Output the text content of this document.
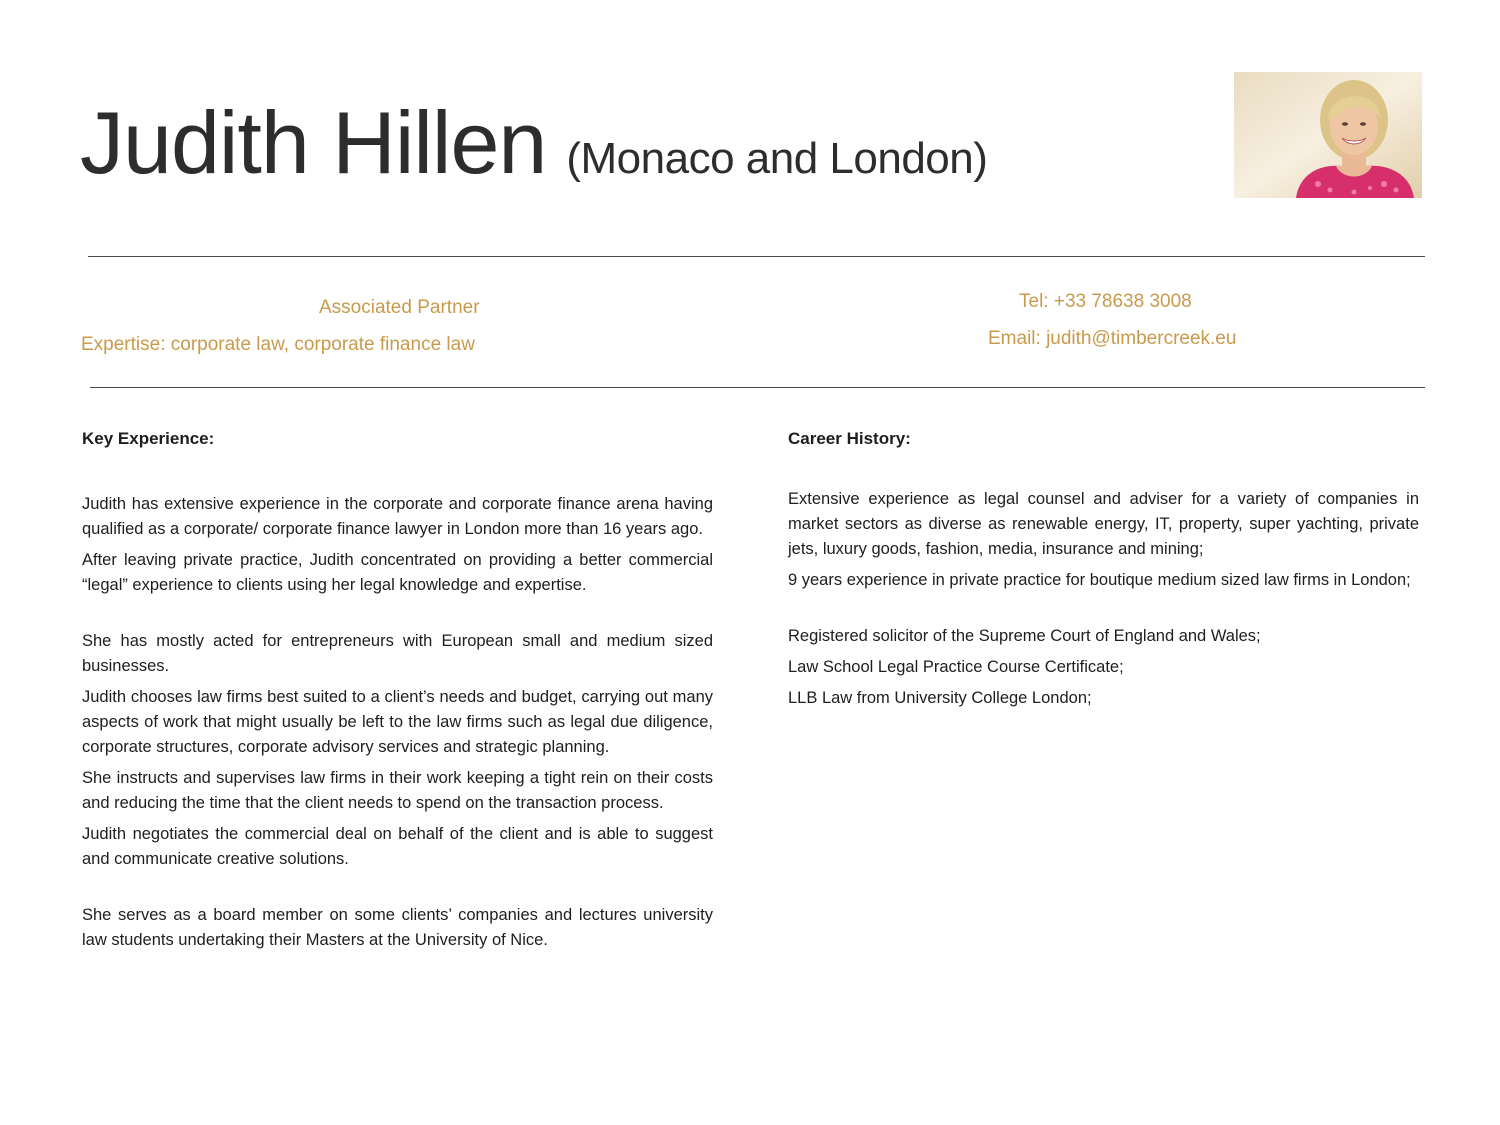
Judith Hillen (Monaco and London)
Associated Partner
Expertise: corporate law, corporate finance law
Tel: +33 78638 3008
Email: judith@timbercreek.eu
Key Experience:

Judith has extensive experience in the corporate and corporate finance arena having qualified as a corporate/ corporate finance lawyer in London more than 16 years ago.

After leaving private practice, Judith concentrated on providing a better commercial “legal” experience to clients using her legal knowledge and expertise.

She has mostly acted for entrepreneurs with European small and medium sized businesses.

Judith chooses law firms best suited to a client’s needs and budget, carrying out many aspects of work that might usually be left to the law firms such as legal due diligence, corporate structures, corporate advisory services and strategic planning.

She instructs and supervises law firms in their work keeping a tight rein on their costs and reducing the time that the client needs to spend on the transaction process.

Judith negotiates the commercial deal on behalf of the client and is able to suggest and communicate creative solutions.

She serves as a board member on some clients’ companies and lectures university law students undertaking their Masters at the University of Nice.

Career History:

Extensive experience as legal counsel and adviser for a variety of companies in market sectors as diverse as renewable energy, IT, property, super yachting, private jets, luxury goods, fashion, media, insurance and mining;

9 years experience in private practice for boutique medium sized law firms in London;

Registered solicitor of the Supreme Court of England and Wales;

Law School Legal Practice Course Certificate;

LLB Law from University College London;
